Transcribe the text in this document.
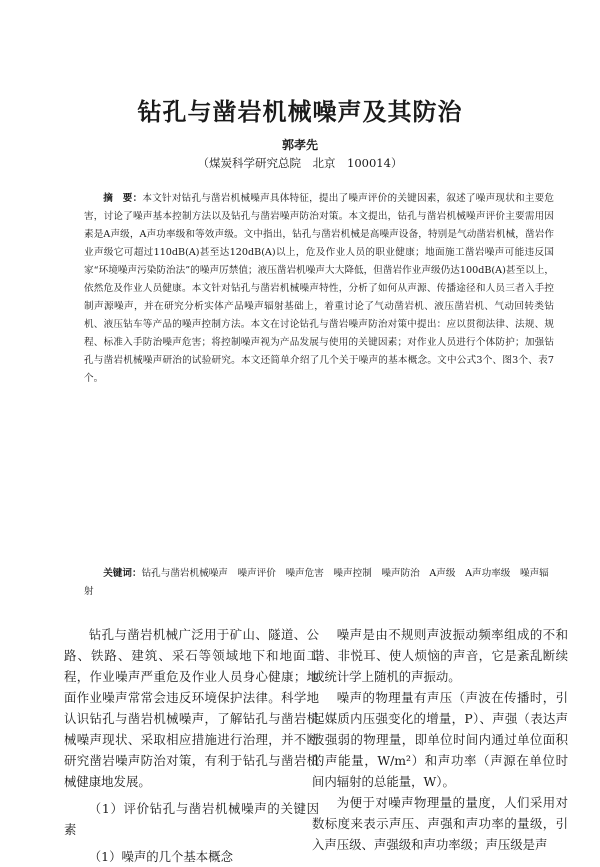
钻孔与凿岩机械噪声及其防治
郭孝先
（煤炭科学研究总院　北京　100014）

摘　要：本文针对钻孔与凿岩机械噪声具体特征，提出了噪声评价的关键因素，叙述了噪声现状和主要危害，讨论了噪声基本控制方法以及钻孔与凿岩噪声防治对策。本文提出，钻孔与凿岩机械噪声评价主要需用因素是A声级，A声功率级和等效声级。文中指出，钻孔与凿岩机械是高噪声设备，特别是气动凿岩机械，凿岩作业声级它可超过110dB(A)甚至达120dB(A)以上，危及作业人员的职业健康；地面施工凿岩噪声可能违反国家“环境噪声污染防治法”的噪声厉禁值；液压凿岩机噪声大大降低，但凿岩作业声级仍达100dB(A)甚至以上，依然危及作业人员健康。本文针对钻孔与凿岩机械噪声特性，分析了如何从声源、传播途径和人员三者入手控制声源噪声，并在研究分析实体产品噪声辐射基础上，着重讨论了气动凿岩机、液压凿岩机、气动回转类钻机、液压钻车等产品的噪声控制方法。本文在讨论钻孔与凿岩噪声防治对策中提出：应以贯彻法律、法规、规程、标准入手防治噪声危害；将控制噪声视为产品发展与使用的关键因素；对作业人员进行个体防护；加强钻孔与凿岩机械噪声研治的试验研究。本文还简单介绍了几个关于噪声的基本概念。文中公式3个、图3个、表7个。

关键词：钻孔与凿岩机械噪声　噪声评价　噪声危害　噪声控制　噪声防治　A声级　A声功率级　噪声辐射

钻孔与凿岩机械广泛用于矿山、隧道、公路、铁路、建筑、采石等领域地下和地面工程，作业噪声严重危及作业人员身心健康；地面作业噪声常常会违反环境保护法律。科学地认识钻孔与凿岩机械噪声，了解钻孔与凿岩机械噪声现状、采取相应措施进行治理，并不断研究凿岩噪声防治对策，有利于钻孔与凿岩机械健康地发展。

（1）评价钻孔与凿岩机械噪声的关键因素

（1）噪声的几个基本概念

噪声是由不规则声波振动频率组成的不和谐、非悦耳、使人烦恼的声音，它是紊乱断续或统计学上随机的声振动。

噪声的物理量有声压（声波在传播时，引起媒质内压强变化的增量，P）、声强（表达声波强弱的物理量，即单位时间内通过单位面积的声能量，W/m²）和声功率（声源在单位时间内辐射的总能量，W）。

为便于对噪声物理量的量度，人们采用对数标度来表示声压、声强和声功率的量级，引入声压级、声强级和声功率级；声压级是声
